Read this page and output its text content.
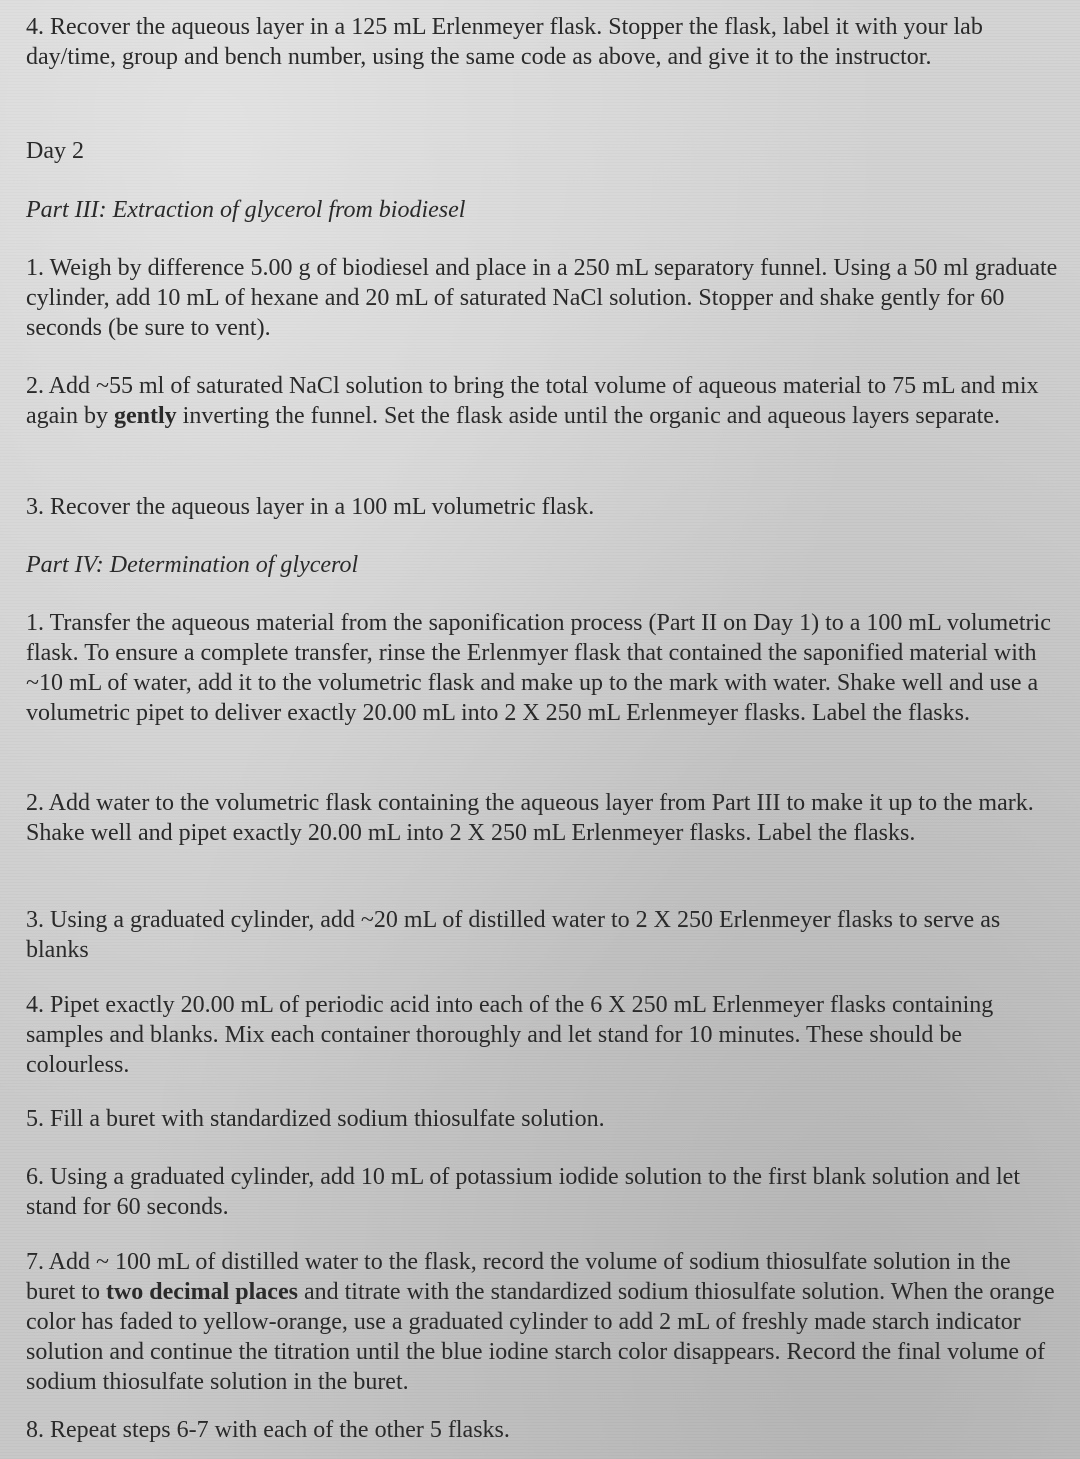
4. Recover the aqueous layer in a 125 mL Erlenmeyer flask. Stopper the flask, label it with your lab day/time, group and bench number, using the same code as above, and give it to the instructor.

Day 2
Part III: Extraction of glycerol from biodiesel

1. Weigh by difference 5.00 g of biodiesel and place in a 250 mL separatory funnel. Using a 50 ml graduate cylinder, add 10 mL of hexane and 20 mL of saturated NaCl solution. Stopper and shake gently for 60 seconds (be sure to vent).

2. Add ~55 ml of saturated NaCl solution to bring the total volume of aqueous material to 75 mL and mix again by gently inverting the funnel. Set the flask aside until the organic and aqueous layers separate.

3. Recover the aqueous layer in a 100 mL volumetric flask.

Part IV: Determination of glycerol

1. Transfer the aqueous material from the saponification process (Part II on Day 1) to a 100 mL volumetric flask. To ensure a complete transfer, rinse the Erlenmyer flask that contained the saponified material with ~10 mL of water, add it to the volumetric flask and make up to the mark with water. Shake well and use a volumetric pipet to deliver exactly 20.00 mL into 2 X 250 mL Erlenmeyer flasks. Label the flasks.

2. Add water to the volumetric flask containing the aqueous layer from Part III to make it up to the mark. Shake well and pipet exactly 20.00 mL into 2 X 250 mL Erlenmeyer flasks. Label the flasks.

3. Using a graduated cylinder, add ~20 mL of distilled water to 2 X 250 Erlenmeyer flasks to serve as blanks

4. Pipet exactly 20.00 mL of periodic acid into each of the 6 X 250 mL Erlenmeyer flasks containing samples and blanks. Mix each container thoroughly and let stand for 10 minutes. These should be colourless.

5. Fill a buret with standardized sodium thiosulfate solution.

6. Using a graduated cylinder, add 10 mL of potassium iodide solution to the first blank solution and let stand for 60 seconds.

7. Add ~ 100 mL of distilled water to the flask, record the volume of sodium thiosulfate solution in the buret to two decimal places and titrate with the standardized sodium thiosulfate solution. When the orange color has faded to yellow-orange, use a graduated cylinder to add 2 mL of freshly made starch indicator solution and continue the titration until the blue iodine starch color disappears. Record the final volume of sodium thiosulfate solution in the buret.

8. Repeat steps 6-7 with each of the other 5 flasks.
